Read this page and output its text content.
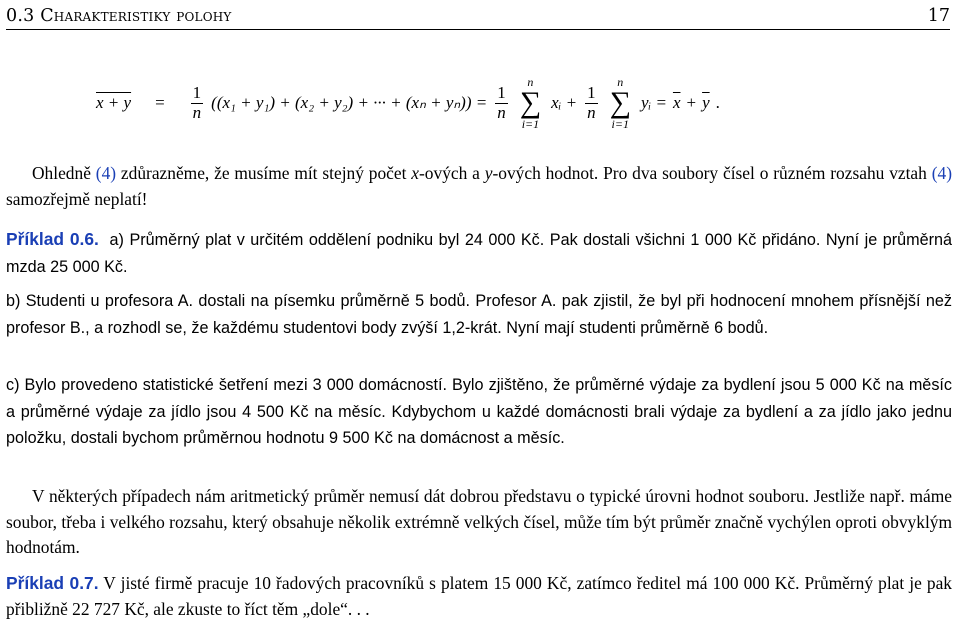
0.3 Charakteristiky polohy	17
$x + y = \frac{1}{n} ((x_1 + y_1) + (x_2 + y_2)$ + ··· + $(x_n + y_n)) = \frac{1}{n}$
n
∑
i=1
xᵢ + $\frac{1}{n}$
n
∑
i=1
yᵢ = $\overline{x} + \overline{y}$ .

Ohledně (4) zdůrazněme, že musíme mít stejný počet x-ových a y-ových hodnot. Pro dva soubory čísel o různém rozsahu vztah (4) samozřejmě neplatí!

Příklad 0.6. a) Průměrný plat v určitém oddělení podniku byl 24 000 Kč. Pak dostali všichni 1 000 Kč přidáno. Nyní je průměrná mzda 25 000 Kč.

b) Studenti u profesora A. dostali na písemku průměrně 5 bodů. Profesor A. pak zjistil, že byl při hodnocení mnohem přísnější než profesor B., a rozhodl se, že každému studentovi body zvýší 1,2-krát. Nyní mají studenti průměrně 6 bodů.

c) Bylo provedeno statistické šetření mezi 3 000 domácností. Bylo zjištěno, že průměrné výdaje za bydlení jsou 5 000 Kč na měsíc a průměrné výdaje za jídlo jsou 4 500 Kč na měsíc. Kdybychom u každé domácnosti brali výdaje za bydlení a za jídlo jako jednu položku, dostali bychom průměrnou hodnotu 9 500 Kč na domácnost a měsíc.

V některých případech nám aritmetický průměr nemusí dát dobrou představu o typické úrovni hodnot souboru. Jestliže např. máme soubor, třeba i velkého rozsahu, který obsahuje několik extrémně velkých čísel, může tím být průměr značně vychýlen oproti obvyklým hodnotám.

Příklad 0.7. V jisté firmě pracuje 10 řadových pracovníků s platem 15 000 Kč, zatímco ředitel má 100 000 Kč. Průměrný plat je pak přibližně 22 727 Kč, ale zkuste to říct těm „dole“. . .
